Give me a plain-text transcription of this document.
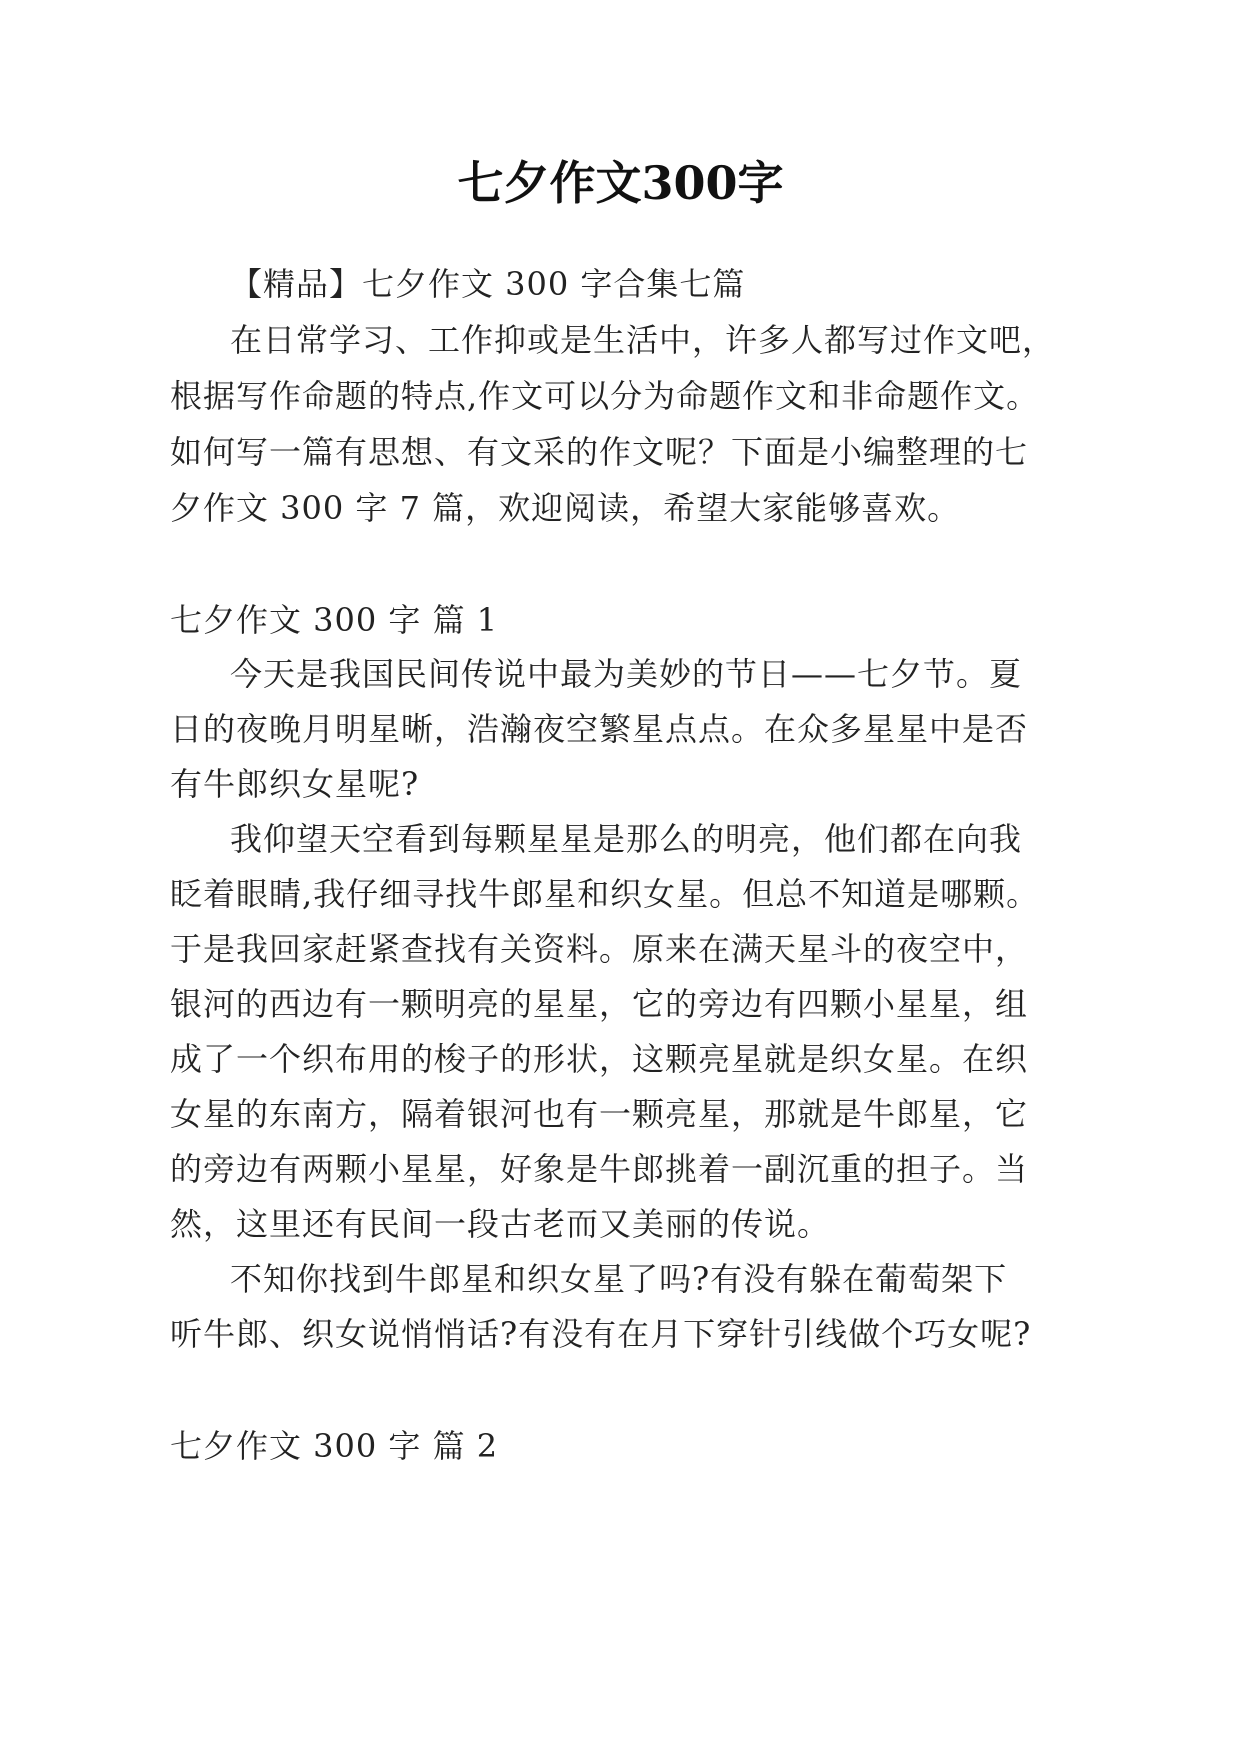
七夕作文300字
【精品】七夕作文 300 字合集七篇
在日常学习、工作抑或是生活中，许多人都写过作文吧，
根据写作命题的特点,作文可以分为命题作文和非命题作文。
如何写一篇有思想、有文采的作文呢？下面是小编整理的七
夕作文 300 字 7 篇，欢迎阅读，希望大家能够喜欢。
七夕作文 300 字 篇 1
今天是我国民间传说中最为美妙的节日——七夕节。夏
日的夜晚月明星晰，浩瀚夜空繁星点点。在众多星星中是否
有牛郎织女星呢?
我仰望天空看到每颗星星是那么的明亮，他们都在向我
眨着眼睛,我仔细寻找牛郎星和织女星。但总不知道是哪颗。
于是我回家赶紧查找有关资料。原来在满天星斗的夜空中，
银河的西边有一颗明亮的星星，它的旁边有四颗小星星，组
成了一个织布用的梭子的形状，这颗亮星就是织女星。在织
女星的东南方，隔着银河也有一颗亮星，那就是牛郎星，它
的旁边有两颗小星星，好象是牛郎挑着一副沉重的担子。当
然，这里还有民间一段古老而又美丽的传说。
不知你找到牛郎星和织女星了吗?有没有躲在葡萄架下
听牛郎、织女说悄悄话?有没有在月下穿针引线做个巧女呢?
七夕作文 300 字 篇 2
